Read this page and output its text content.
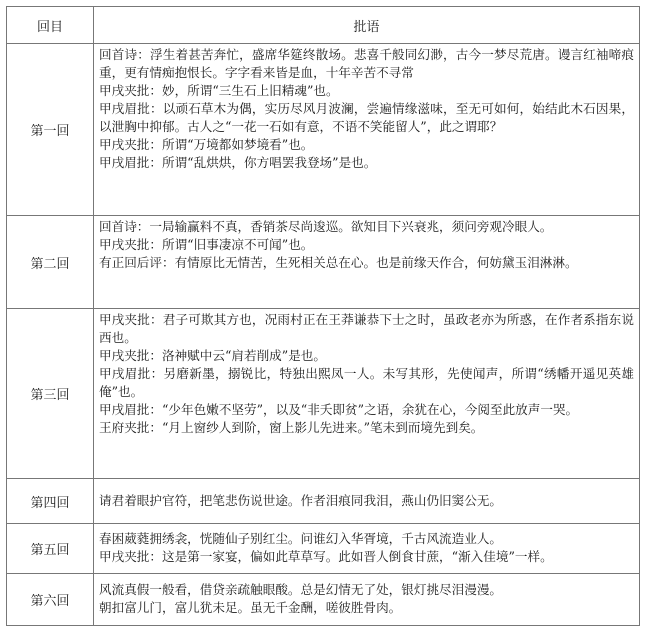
回目	批语
第一回	回首诗：浮生着甚苦奔忙，盛席华筵终散场。悲喜千般同幻渺，古今一梦尽荒唐。谩言红袖啼痕重，更有情痴抱恨长。字字看来皆是血，十年辛苦不寻常
甲戌夹批：妙，所谓“三生石上旧精魂”也。
甲戌眉批：以顽石草木为偶，实历尽风月波澜，尝遍情缘滋味，至无可如何，始结此木石因果，以泄胸中抑郁。古人之“一花一石如有意，不语不笑能留人”，此之谓耶？
甲戌夹批：所谓“万境都如梦境看”也。
甲戌眉批：所谓“乱烘烘，你方唱罢我登场”是也。

第二回	回首诗：一局输赢料不真，香销茶尽尚逡巡。欲知目下兴衰兆，须问旁观冷眼人。
甲戌夹批：所谓“旧事凄凉不可闻”也。
有正回后评：有情原比无情苦，生死相关总在心。也是前缘天作合，何妨黛玉泪淋淋。

第三回	甲戌夹批：君子可欺其方也，况雨村正在王莽谦恭下士之时，虽政老亦为所惑，在作者系指东说西也。
甲戌夹批：洛神赋中云“肩若削成”是也。
甲戌眉批：另磨新墨，搦锐比，特独出熙凤一人。未写其形，先使闻声，所谓“绣幡开遥见英雄俺”也。
甲戌眉批：“少年色嫩不坚劳”，以及“非夭即贫”之语，余犹在心，今阅至此放声一哭。
王府夹批：“月上窗纱人到阶，窗上影儿先进来。”笔未到而境先到矣。

第四回	请君着眼护官符，把笔悲伤说世途。作者泪痕同我泪，燕山仍旧窦公无。

第五回	春困葳蕤拥绣衾，恍随仙子别红尘。问谁幻入华胥境，千古风流造业人。
甲戌夹批：这是第一家宴，偏如此草草写。此如晋人倒食甘蔗，“渐入佳境”一样。

第六回	风流真假一般看，借贷亲疏触眼酸。总是幻情无了处，银灯挑尽泪漫漫。
朝扣富儿门，富儿犹未足。虽无千金酬，嗟彼胜骨肉。
